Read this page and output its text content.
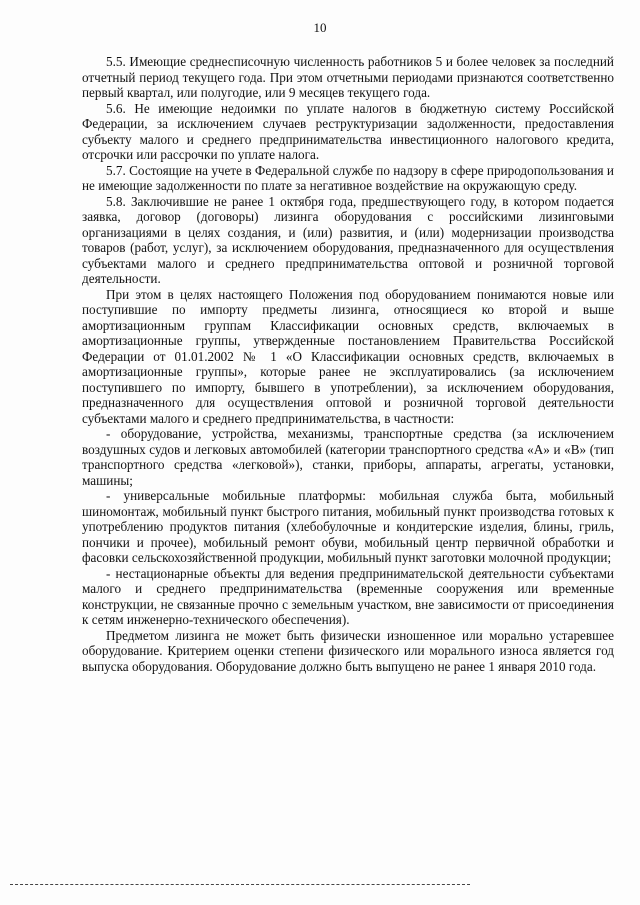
10

5.5. Имеющие среднесписочную численность работников 5 и более человек за последний отчетный период текущего года. При этом отчетными периодами признаются соответственно первый квартал, или полугодие, или 9 месяцев текущего года.

5.6. Не имеющие недоимки по уплате налогов в бюджетную систему Российской Федерации, за исключением случаев реструктуризации задолженности, предоставления субъекту малого и среднего предпринимательства инвестиционного налогового кредита, отсрочки или рассрочки по уплате налога.

5.7. Состоящие на учете в Федеральной службе по надзору в сфере природопользования и не имеющие задолженности по плате за негативное воздействие на окружающую среду.

5.8. Заключившие не ранее 1 октября года, предшествующего году, в котором подается заявка, договор (договоры) лизинга оборудования с российскими лизинговыми организациями в целях создания, и (или) развития, и (или) модернизации производства товаров (работ, услуг), за исключением оборудования, предназначенного для осуществления субъектами малого и среднего предпринимательства оптовой и розничной торговой деятельности.

При этом в целях настоящего Положения под оборудованием понимаются новые или поступившие по импорту предметы лизинга, относящиеся ко второй и выше амортизационным группам Классификации основных средств, включаемых в амортизационные группы, утвержденные постановлением Правительства Российской Федерации от 01.01.2002 № 1 «О Классификации основных средств, включаемых в амортизационные группы», которые ранее не эксплуатировались (за исключением поступившего по импорту, бывшего в употреблении), за исключением оборудования, предназначенного для осуществления оптовой и розничной торговой деятельности субъектами малого и среднего предпринимательства, в частности:

- оборудование, устройства, механизмы, транспортные средства (за исключением воздушных судов и легковых автомобилей (категории транспортного средства «А» и «В» (тип транспортного средства «легковой»), станки, приборы, аппараты, агрегаты, установки, машины;

- универсальные мобильные платформы: мобильная служба быта, мобильный шиномонтаж, мобильный пункт быстрого питания, мобильный пункт производства готовых к употреблению продуктов питания (хлебобулочные и кондитерские изделия, блины, гриль, пончики и прочее), мобильный ремонт обуви, мобильный центр первичной обработки и фасовки сельскохозяйственной продукции, мобильный пункт заготовки молочной продукции;

- нестационарные объекты для ведения предпринимательской деятельности субъектами малого и среднего предпринимательства (временные сооружения или временные конструкции, не связанные прочно с земельным участком, вне зависимости от присоединения к сетям инженерно-технического обеспечения).

Предметом лизинга не может быть физически изношенное или морально устаревшее оборудование. Критерием оценки степени физического или морального износа является год выпуска оборудования. Оборудование должно быть выпущено не ранее 1 января 2010 года.
